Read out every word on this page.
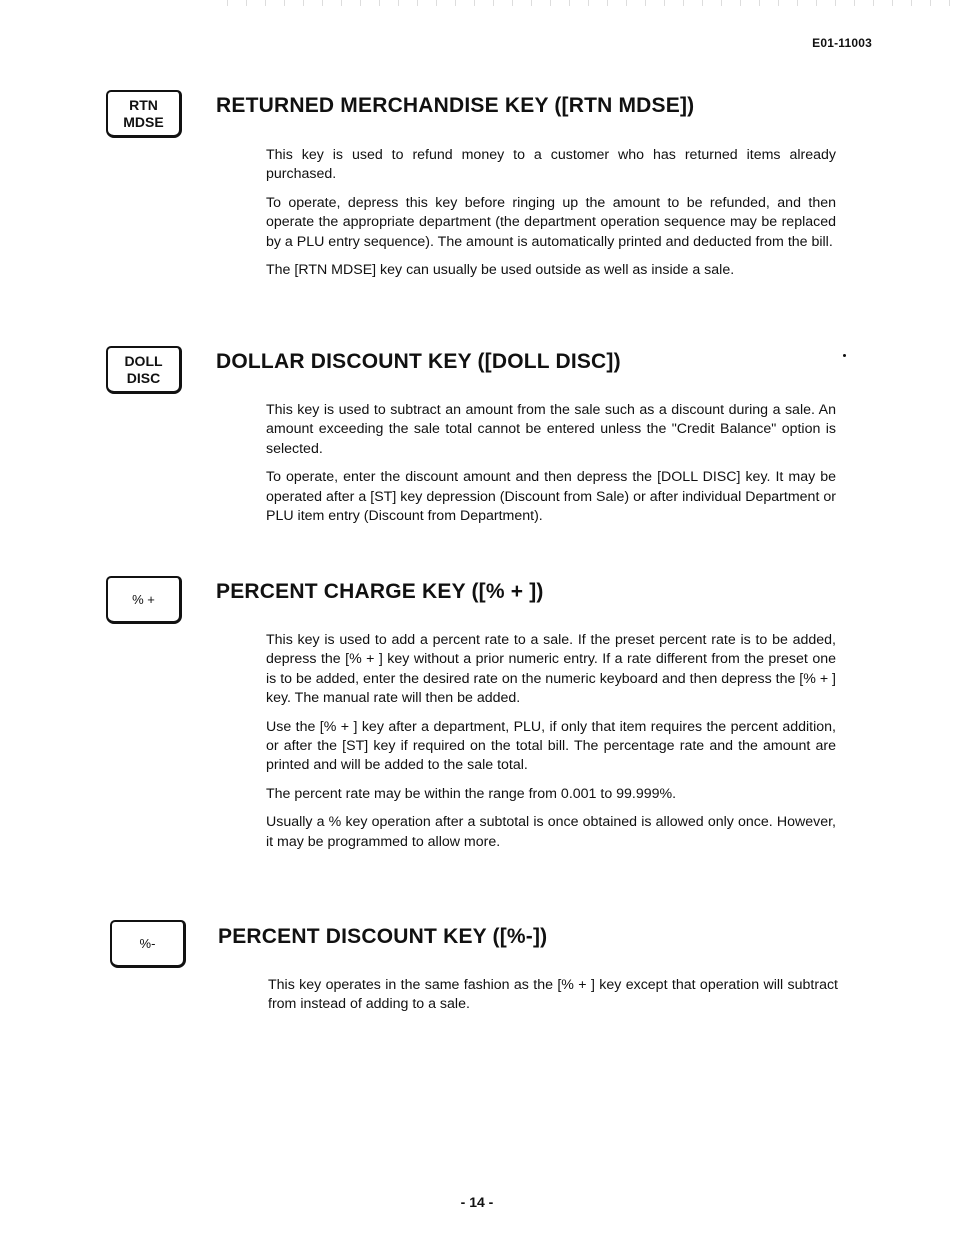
E01-11003
RTN
MDSE
RETURNED MERCHANDISE KEY ([RTN MDSE])

This key is used to refund money to a customer who has returned items already purchased.

To operate, depress this key before ringing up the amount to be refunded, and then operate the appropriate department (the department operation sequence may be replaced by a PLU entry sequence). The amount is automatically printed and deducted from the bill.

The [RTN MDSE] key can usually be used outside as well as inside a sale.

DOLL
DISC
DOLLAR DISCOUNT KEY ([DOLL DISC])

This key is used to subtract an amount from the sale such as a discount during a sale. An amount exceeding the sale total cannot be entered unless the "Credit Balance" option is selected.

To operate, enter the discount amount and then depress the [DOLL DISC] key. It may be operated after a [ST] key depression (Discount from Sale) or after individual Department or PLU item entry (Discount from Department).

% +	PERCENT CHARGE KEY ([% + ])

This key is used to add a percent rate to a sale. If the preset percent rate is to be added, depress the [% + ] key without a prior numeric entry. If a rate different from the preset one is to be added, enter the desired rate on the numeric keyboard and then depress the [% + ] key. The manual rate will then be added.

Use the [% + ] key after a department, PLU, if only that item requires the percent addition, or after the [ST] key if required on the total bill. The percentage rate and the amount are printed and will be added to the sale total.

The percent rate may be within the range from 0.001 to 99.999%.

Usually a % key operation after a subtotal is once obtained is allowed only once. However, it may be programmed to allow more.

%-	PERCENT DISCOUNT KEY ([%-])

This key operates in the same fashion as the [% + ] key except that operation will subtract from instead of adding to a sale.

- 14 -
